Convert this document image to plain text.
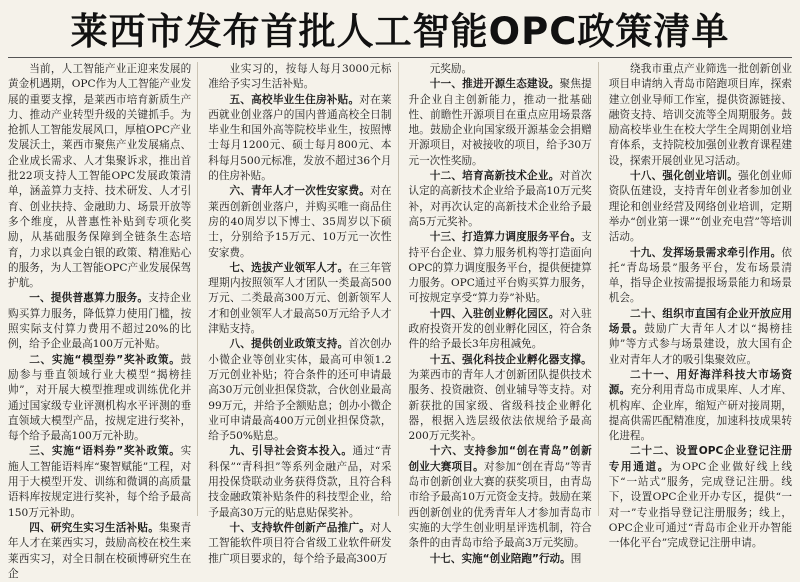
莱西市发布首批人工智能OPC政策清单

当前，人工智能产业正迎来发展的黄金机遇期，OPC作为人工智能产业发展的重要支撑，是莱西市培育新质生产力、推动产业转型升级的关键抓手。为抢抓人工智能发展风口，厚植OPC产业发展沃土，莱西市聚焦产业发展痛点、企业成长需求、人才集聚诉求，推出首批22项支持人工智能OPC发展政策清单，涵盖算力支持、技术研发、人才引育、创业扶持、金融助力、场景开放等多个维度，从普惠性补贴到专项化奖励，从基础服务保障到全链条生态培育，力求以真金白银的政策、精准贴心的服务，为人工智能OPC产业发展保驾护航。

一、提供普惠算力服务。支持企业购买算力服务，降低算力使用门槛，按照实际支付算力费用不超过20%的比例，给予企业最高100万元补贴。

二、实施“模型券”奖补政策。鼓励参与垂直领域行业大模型“揭榜挂帅”，对开展大模型推理或训练优化并通过国家级专业评测机构水平评测的垂直领域大模型产品，按规定进行奖补，每个给予最高100万元补助。

三、实施“语料券”奖补政策。实施人工智能语料库“聚智赋能”工程，对用于大模型开发、训练和微调的高质量语料库按规定进行奖补，每个给予最高150万元补助。

四、研究生实习生活补贴。集聚青年人才在莱西实习，鼓励高校在校生来莱西实习，对全日制在校硕博研究生在企

业实习的，按每人每月3000元标准给予实习生活补贴。

五、高校毕业生住房补贴。对在莱西就业创业落户的国内普通高校全日制毕业生和国外高等院校毕业生，按照博士每月1200元、硕士每月800元、本科每月500元标准，发放不超过36个月的住房补贴。

六、青年人才一次性安家费。对在莱西创新创业落户，并购买唯一商品住房的40周岁以下博士、35周岁以下硕士，分别给予15万元、10万元一次性安家费。

七、选拔产业领军人才。在三年管理期内按照领军人才团队一类最高500万元、二类最高300万元、创新领军人才和创业领军人才最高50万元给予人才津贴支持。

八、提供创业政策支持。首次创办小微企业等创业实体，最高可申领1.2万元创业补贴；符合条件的还可申请最高30万元创业担保贷款，合伙创业最高99万元，并给予全额贴息；创办小微企业可申请最高400万元创业担保贷款，给予50%贴息。

九、引导社会资本投入。通过“青科保”“青科担”等系列金融产品，对采用投保贷联动业务获得贷款，且符合科技金融政策补贴条件的科技型企业，给予最高30万元的贴息贴保奖补。

十、支持软件创新产品推广。对人工智能软件项目符合省级工业软件研发推广项目要求的，每个给予最高300万

元奖励。

十一、推进开源生态建设。聚焦提升企业自主创新能力，推动一批基础性、前瞻性开源项目在重点应用场景落地。鼓励企业向国家级开源基金会捐赠开源项目，对被接收的项目，给予30万元一次性奖励。

十二、培育高新技术企业。对首次认定的高新技术企业给予最高10万元奖补，对再次认定的高新技术企业给予最高5万元奖补。

十三、打造算力调度服务平台。支持平台企业、算力服务机构等打造面向OPC的算力调度服务平台，提供便捷算力服务。OPC通过平台购买算力服务，可按规定享受“算力券”补贴。

十四、入驻创业孵化园区。对入驻政府投资开发的创业孵化园区，符合条件的给予最长3年房租减免。

十五、强化科技企业孵化器支撑。为莱西市的青年人才创新团队提供技术服务、投资融资、创业辅导等支持。对新获批的国家级、省级科技企业孵化器，根据入选层级依法依规给予最高200万元奖补。

十六、支持参加“创在青岛”创新创业大赛项目。对参加“创在青岛”等青岛市创新创业大赛的获奖项目，由青岛市给予最高10万元资金支持。鼓励在莱西创新创业的优秀青年人才参加青岛市实施的大学生创业明星评选机制，符合条件的由青岛市给予最高3万元奖励。

十七、实施“创业陪跑”行动。围

绕我市重点产业筛选一批创新创业项目申请纳入青岛市陪跑项目库，探索建立创业导师工作室，提供资源链接、融资支持、培训交流等全周期服务。鼓励高校毕业生在校大学生全周期创业培育体系，支持院校加强创业教育课程建设，探索开展创业见习活动。

十八、强化创业培训。强化创业师资队伍建设，支持青年创业者参加创业理论和创业经营及网络创业培训，定期举办“创业第一课”“创业充电营”等培训活动。

十九、发挥场景需求牵引作用。依托“青岛场景”服务平台，发布场景清单，指导企业按需提报场景能力和场景机会。

二十、组织市直国有企业开放应用场景。鼓励广大青年人才以“揭榜挂帅”等方式参与场景建设，放大国有企业对青年人才的吸引集聚效应。

二十一、用好海洋科技大市场资源。充分利用青岛市成果库、人才库、机构库、企业库，缩短产研对接周期，提高供需匹配精准度，加速科技成果转化进程。

二十二、设置OPC企业登记注册专用通道。为OPC企业做好线上线下“一站式”服务，完成登记注册。线下，设置OPC企业开办专区，提供“一对一”专业指导登记注册服务；线上，OPC企业可通过“青岛市企业开办智能一体化平台”完成登记注册申请。
